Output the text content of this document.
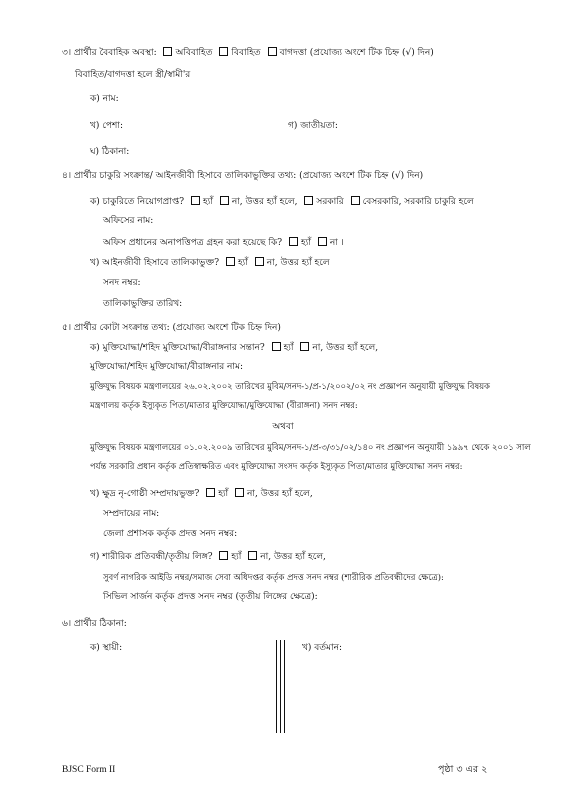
৩। প্রার্থীর বৈবাহিক অবস্থা: অবিবাহিত বিবাহিত বাগদত্তা (প্রযোজ্য অংশে টিক চিহ্ন (√) দিন)
বিবাহিত/বাগদত্তা হলে স্ত্রী/স্বামী'র
ক) নাম:
খ) পেশা:	গ) জাতীয়তা:
ঘ) ঠিকানা:
৪। প্রার্থীর চাকুরি সংক্রান্ত/ আইনজীবী হিসাবে তালিকাভুক্তির তথ্য: (প্রযোজ্য অংশে টিক চিহ্ন (√) দিন)
ক) চাকুরিতে নিয়োগপ্রাপ্ত? হ্যাঁ না, উত্তর হ্যাঁ হলে, সরকারি বেসরকারি, সরকারি চাকুরি হলে
অফিসের নাম:
অফিস প্রধানের অনাপত্তিপত্র গ্রহন করা হয়েছে কি? হ্যাঁ না ।
খ) আইনজীবী হিসাবে তালিকাভুক্ত? হ্যাঁ না, উত্তর হ্যাঁ হলে
সনদ নম্বর:
তালিকাভুক্তির তারিখ:
৫। প্রার্থীর কোটা সংক্রান্ত তথ্য: (প্রযোজ্য অংশে টিক চিহ্ন দিন)
ক) মুক্তিযোদ্ধা/শহিদ মুক্তিযোদ্ধা/বীরাঙ্গনার সন্তান? হ্যাঁ না, উত্তর হ্যাঁ হলে,
মুক্তিযোদ্ধা/শহিদ মুক্তিযোদ্ধা/বীরাঙ্গনার নাম:
মুক্তিযুদ্ধ বিষয়ক মন্ত্রণালয়ের ২৬.০২.২০০২ তারিখের মুবিম/সনদ-১/প্র-১/২০০২/০২ নং প্রজ্ঞাপন অনুযায়ী মুক্তিযুদ্ধ বিষয়ক
মন্ত্রণালয় কর্তৃক ইস্যুকৃত পিতা/মাতার মুক্তিযোদ্ধা/মুক্তিযোদ্ধা (বীরাঙ্গনা) সনদ নম্বর:
অথবা
মুক্তিযুদ্ধ বিষয়ক মন্ত্রণালয়ের ০১.০২.২০০৯ তারিখের মুবিম/সনদ-১/প্র-৩/৩১/০২/১৪০ নং প্রজ্ঞাপন অনুযায়ী ১৯৯৭ থেকে ২০০১ সাল
পর্যন্ত সরকারি প্রধান কর্তৃক প্রতিস্বাক্ষরিত এবং মুক্তিযোদ্ধা সংসদ কর্তৃক ইস্যুকৃত পিতা/মাতার মুক্তিযোদ্ধা সনদ নম্বর:
খ) ক্ষুদ্র নৃ-গোষ্ঠী সম্প্রদায়ভুক্ত? হ্যাঁ না, উত্তর হ্যাঁ হলে,
সম্প্রদায়ের নাম:
জেলা প্রশাসক কর্তৃক প্রদত্ত সনদ নম্বর:
গ) শারীরিক প্রতিবন্ধী/তৃতীয় লিঙ্গ? হ্যাঁ না, উত্তর হ্যাঁ হলে,
সুবর্ণ নাগরিক আইডি নম্বর/সমাজ সেবা অধিদপ্তর কর্তৃক প্রদত্ত সনদ নম্বর (শারীরিক প্রতিবন্ধীদের ক্ষেত্রে):
সিভিল সার্জন কর্তৃক প্রদত্ত সনদ নম্বর (তৃতীয় লিঙ্গের ক্ষেত্রে):
৬। প্রার্থীর ঠিকানা:
ক) স্থায়ী:	খ) বর্তমান:
BJSC Form II	পৃষ্ঠা ৩ এর ২
